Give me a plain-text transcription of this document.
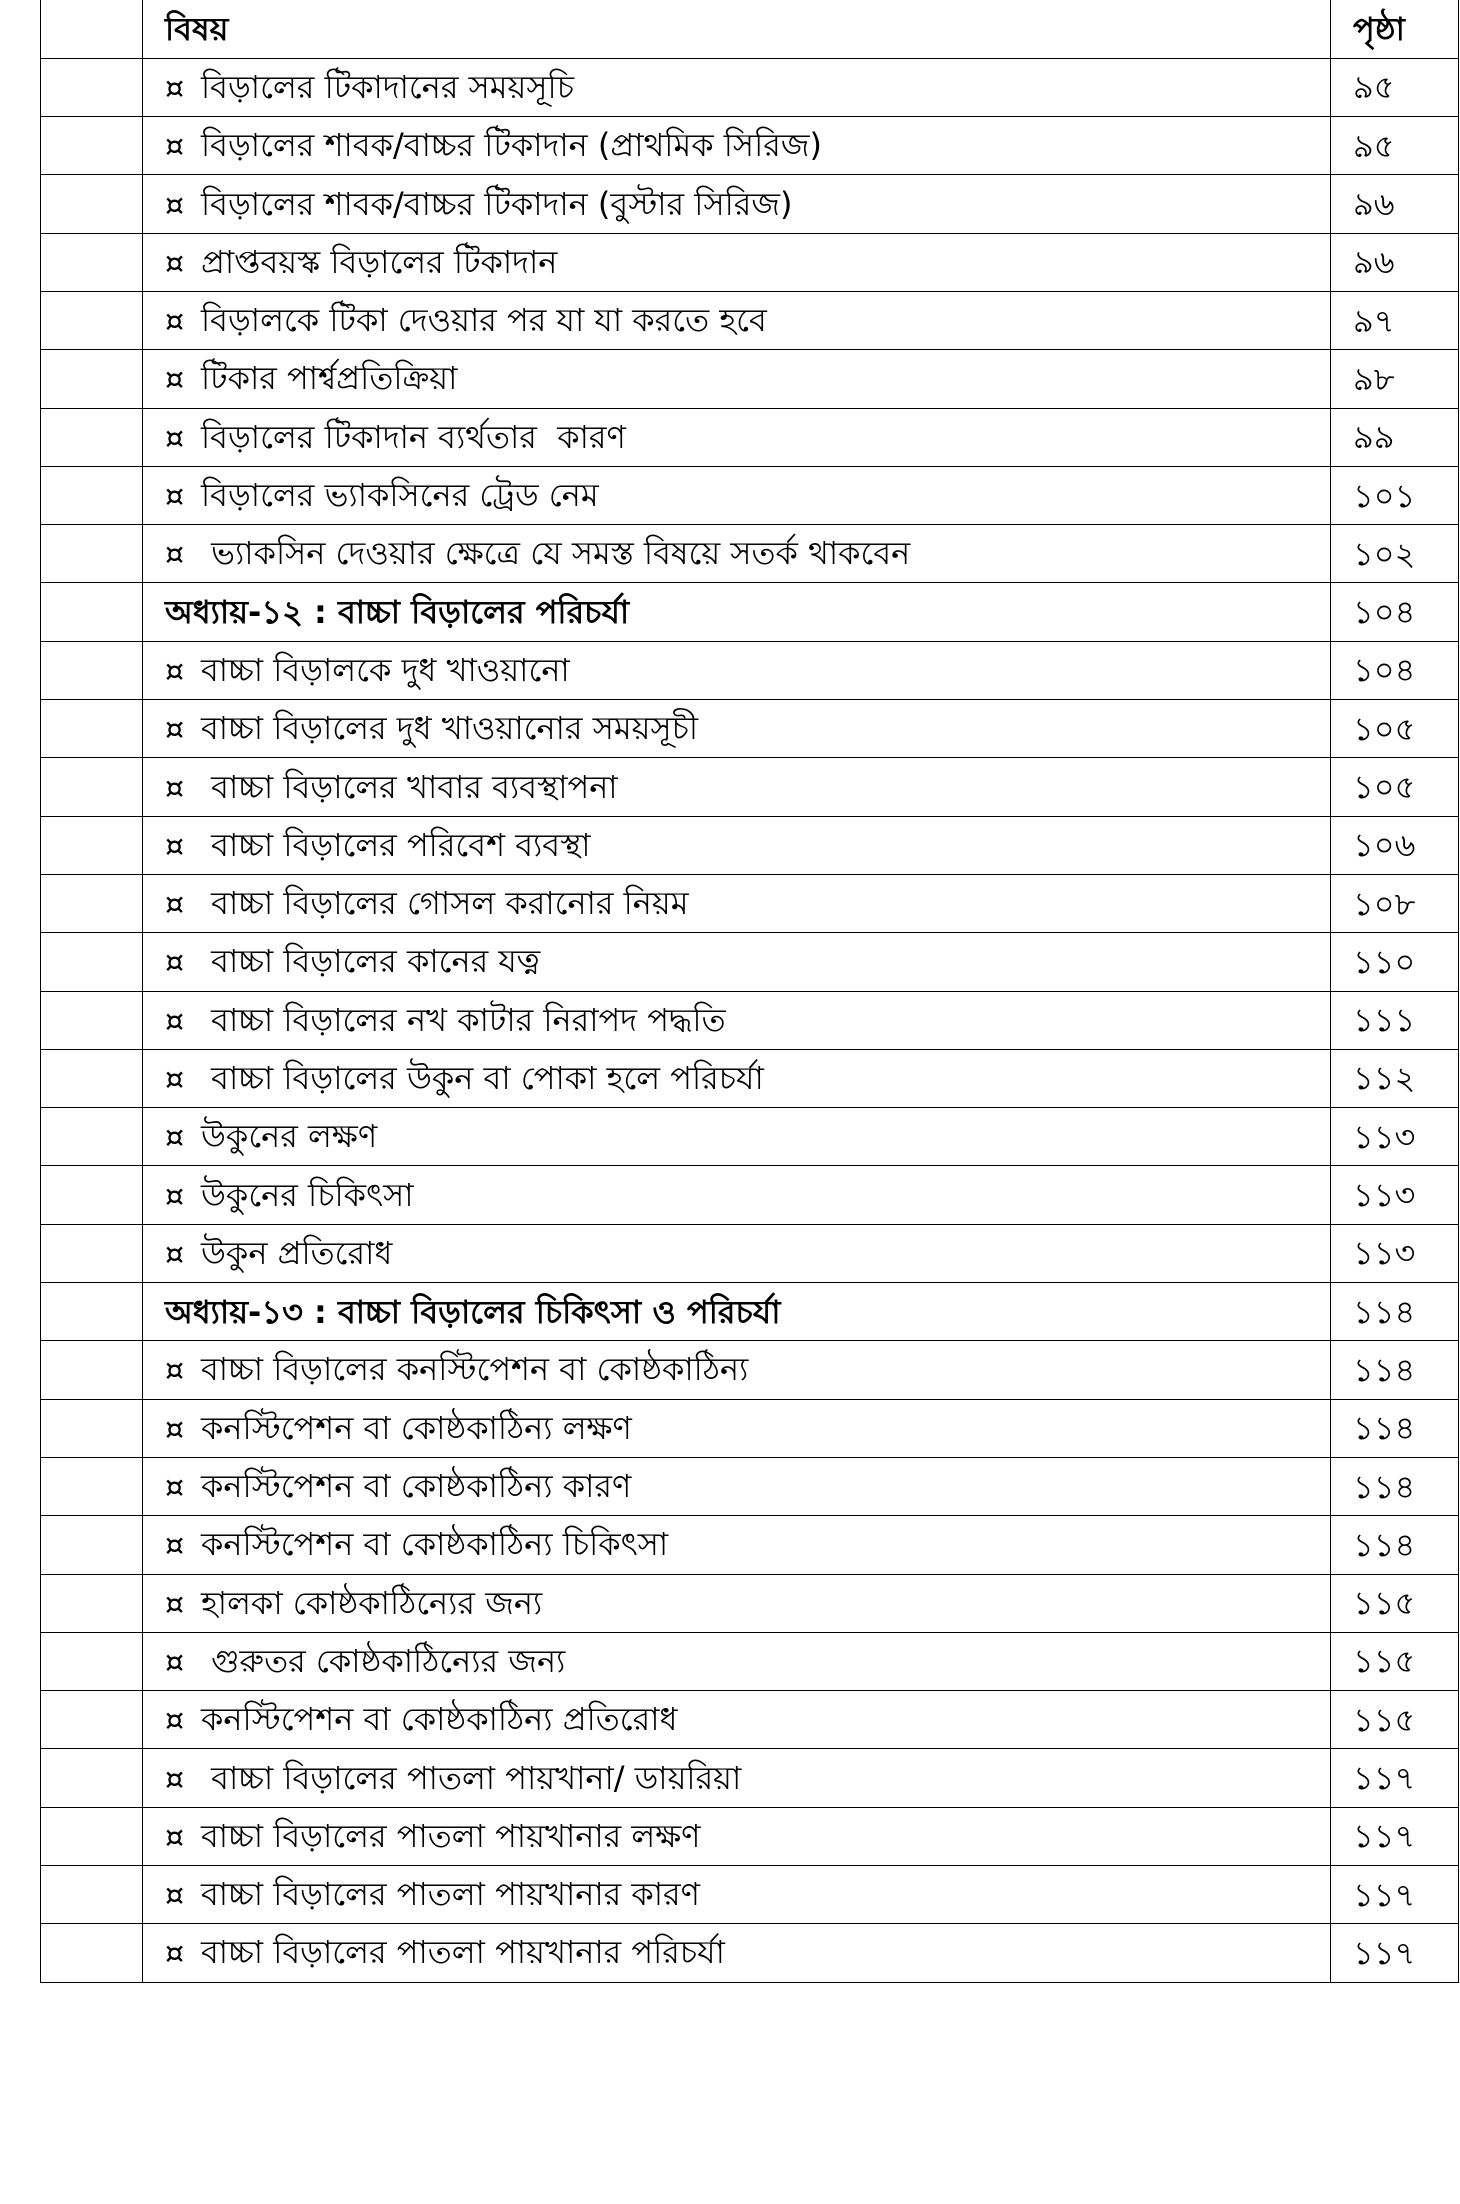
	বিষয়	পৃষ্ঠা
	¤ বিড়ালের টিকাদানের সময়সূচি	৯৫
	¤ বিড়ালের শাবক/বাচ্চর টিকাদান (প্রাথমিক সিরিজ)	৯৫
	¤ বিড়ালের শাবক/বাচ্চর টিকাদান (বুস্টার সিরিজ)	৯৬
	¤ প্রাপ্তবয়স্ক বিড়ালের টিকাদান	৯৬
	¤ বিড়ালকে টিকা দেওয়ার পর যা যা করতে হবে	৯৭
	¤ টিকার পার্শ্বপ্রতিক্রিয়া	৯৮
	¤ বিড়ালের টিকাদান ব্যর্থতার  কারণ	৯৯
	¤ বিড়ালের ভ্যাকসিনের ট্রেড নেম	১০১
	¤ ভ্যাকসিন দেওয়ার ক্ষেত্রে যে সমস্ত বিষয়ে সতর্ক থাকবেন	১০২
	অধ্যায়-১২ : বাচ্চা বিড়ালের পরিচর্যা	১০৪
	¤ বাচ্চা বিড়ালকে দুধ খাওয়ানো	১০৪
	¤ বাচ্চা বিড়ালের দুধ খাওয়ানোর সময়সূচী	১০৫
	¤ বাচ্চা বিড়ালের খাবার ব্যবস্থাপনা	১০৫
	¤ বাচ্চা বিড়ালের পরিবেশ ব্যবস্থা	১০৬
	¤ বাচ্চা বিড়ালের গোসল করানোর নিয়ম	১০৮
	¤ বাচ্চা বিড়ালের কানের যত্ন	১১০
	¤ বাচ্চা বিড়ালের নখ কাটার নিরাপদ পদ্ধতি	১১১
	¤ বাচ্চা বিড়ালের উকুন বা পোকা হলে পরিচর্যা	১১২
	¤ উকুনের লক্ষণ	১১৩
	¤ উকুনের চিকিৎসা	১১৩
	¤ উকুন প্রতিরোধ	১১৩
	অধ্যায়-১৩ : বাচ্চা বিড়ালের চিকিৎসা ও পরিচর্যা	১১৪
	¤ বাচ্চা বিড়ালের কনস্টিপেশন বা কোষ্ঠকাঠিন্য	১১৪
	¤ কনস্টিপেশন বা কোষ্ঠকাঠিন্য লক্ষণ	১১৪
	¤ কনস্টিপেশন বা কোষ্ঠকাঠিন্য কারণ	১১৪
	¤ কনস্টিপেশন বা কোষ্ঠকাঠিন্য চিকিৎসা	১১৪
	¤ হালকা কোষ্ঠকাঠিন্যের জন্য	১১৫
	¤ গুরুতর কোষ্ঠকাঠিন্যের জন্য	১১৫
	¤ কনস্টিপেশন বা কোষ্ঠকাঠিন্য প্রতিরোধ	১১৫
	¤ বাচ্চা বিড়ালের পাতলা পায়খানা/ ডায়রিয়া	১১৭
	¤ বাচ্চা বিড়ালের পাতলা পায়খানার লক্ষণ	১১৭
	¤ বাচ্চা বিড়ালের পাতলা পায়খানার কারণ	১১৭
	¤ বাচ্চা বিড়ালের পাতলা পায়খানার পরিচর্যা	১১৭
